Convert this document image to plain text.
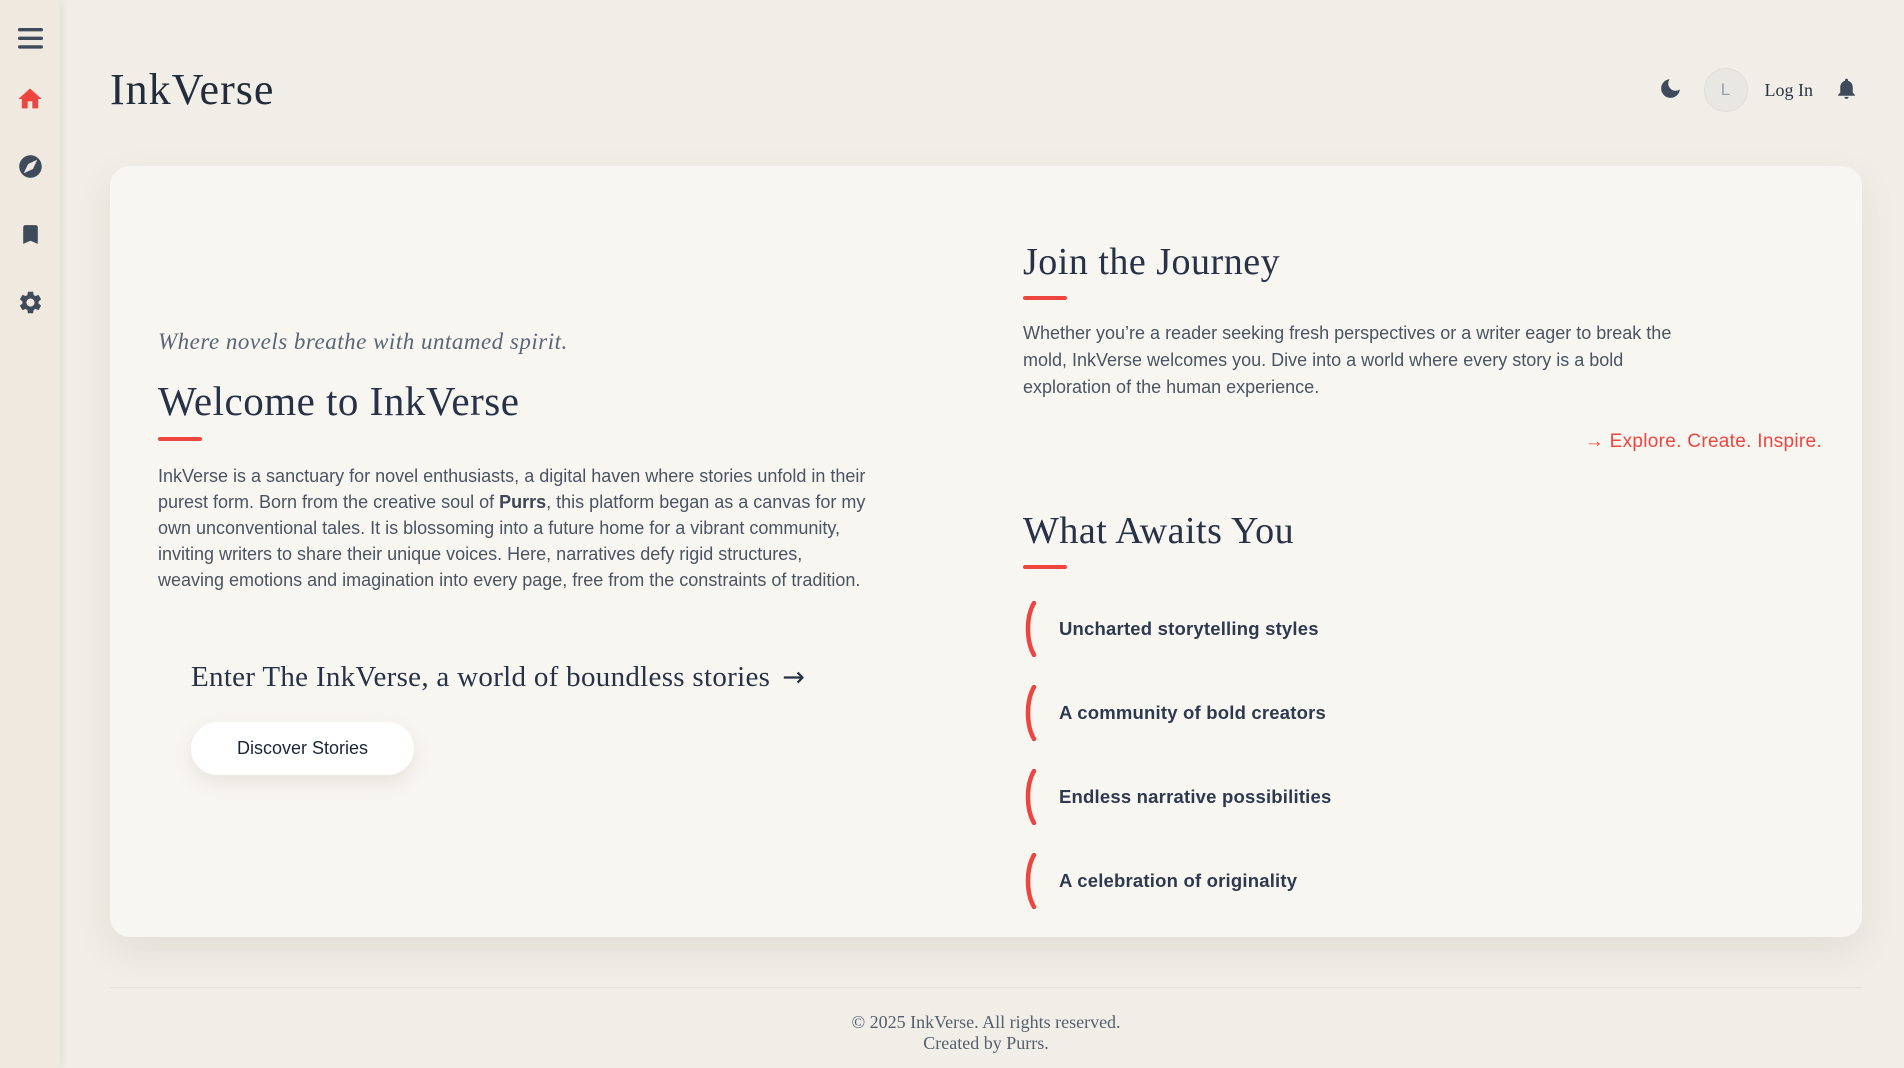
InkVerse	L Log In

Where novels breathe with untamed spirit.

Welcome to InkVerse

InkVerse is a sanctuary for novel enthusiasts, a digital haven where stories unfold in their purest form. Born from the creative soul of Purrs, this platform began as a canvas for my own unconventional tales. It is blossoming into a future home for a vibrant community, inviting writers to share their unique voices. Here, narratives defy rigid structures, weaving emotions and imagination into every page, free from the constraints of tradition.

Enter The InkVerse, a world of boundless stories →
Discover Stories
Join the Journey

Whether you’re a reader seeking fresh perspectives or a writer eager to break the mold, InkVerse welcomes you. Dive into a world where every story is a bold exploration of the human experience.

→ Explore. Create. Inspire.
What Awaits You
Uncharted storytelling styles
A community of bold creators
Endless narrative possibilities
A celebration of originality
© 2025 InkVerse. All rights reserved.
Created by Purrs.
